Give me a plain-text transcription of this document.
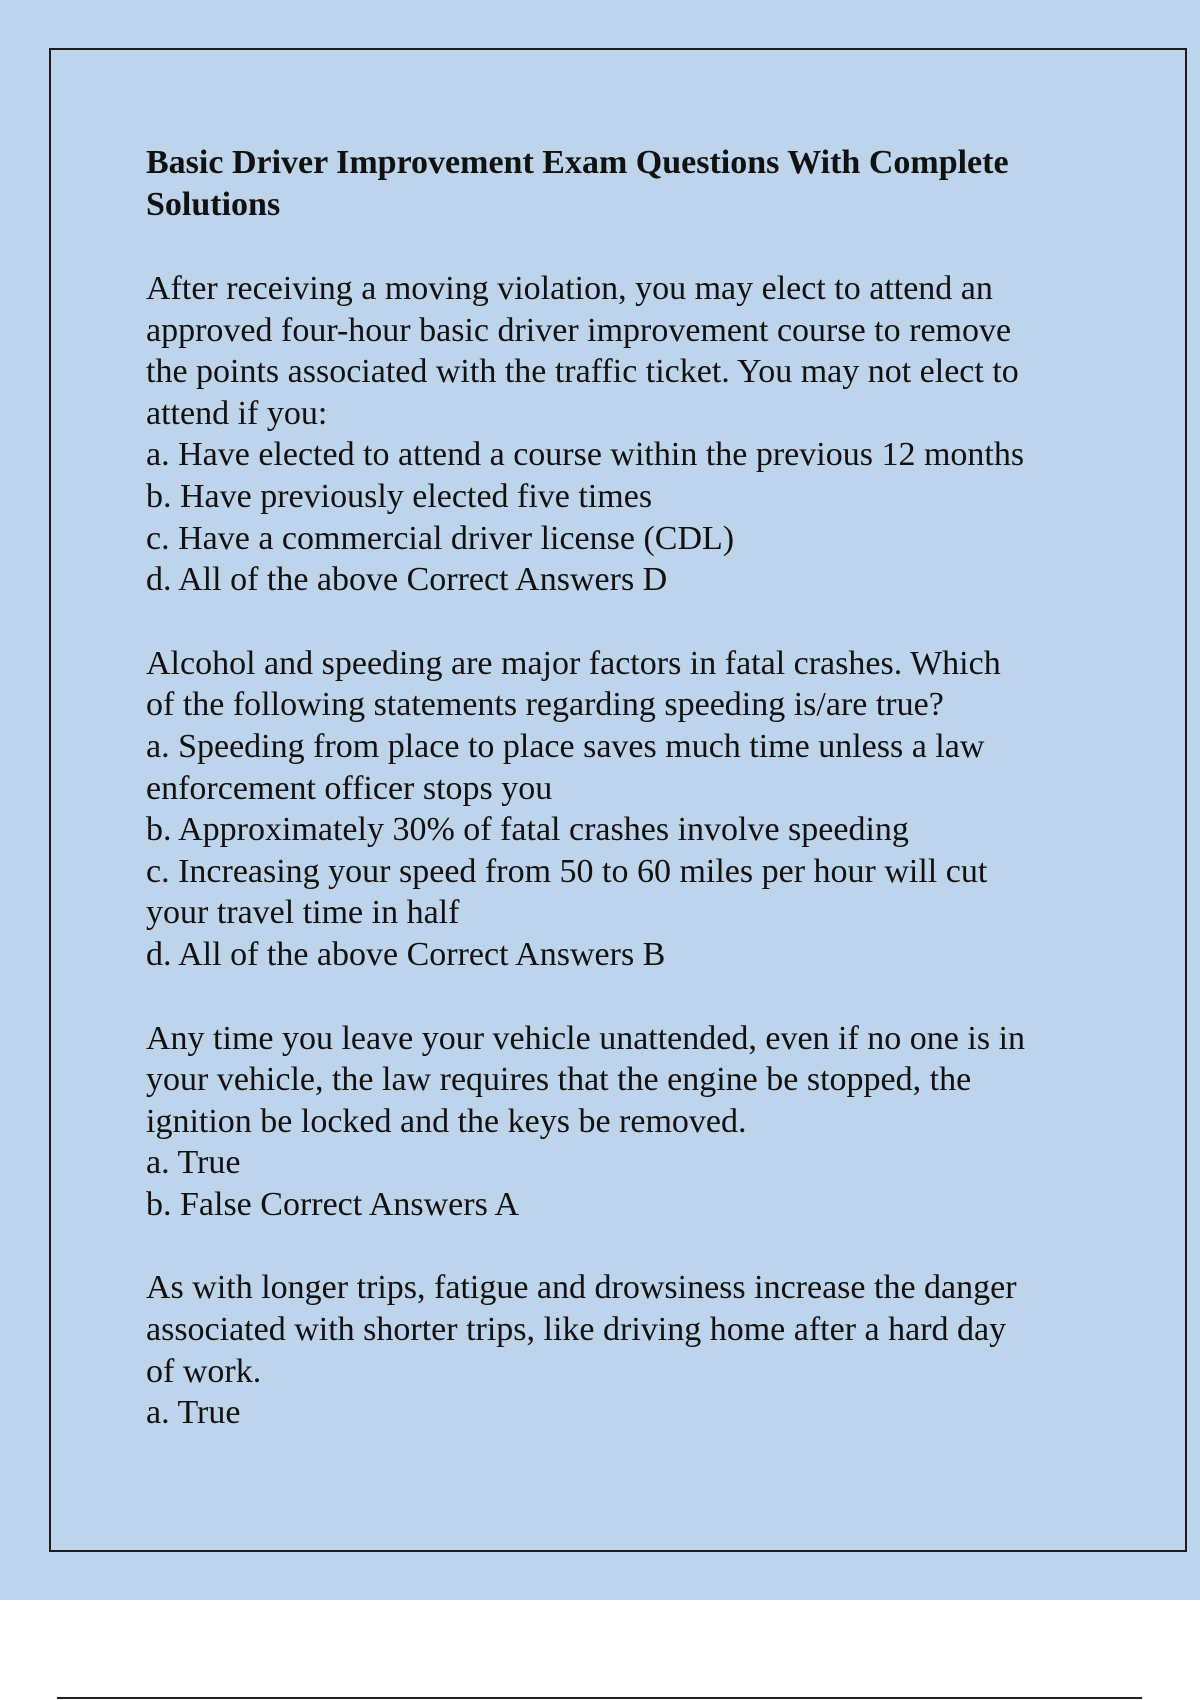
Basic Driver Improvement Exam Questions With Complete
Solutions
After receiving a moving violation, you may elect to attend an
approved four-hour basic driver improvement course to remove
the points associated with the traffic ticket. You may not elect to
attend if you:
a. Have elected to attend a course within the previous 12 months
b. Have previously elected five times
c. Have a commercial driver license (CDL)
d. All of the above Correct Answers D
Alcohol and speeding are major factors in fatal crashes. Which
of the following statements regarding speeding is/are true?
a. Speeding from place to place saves much time unless a law
enforcement officer stops you
b. Approximately 30% of fatal crashes involve speeding
c. Increasing your speed from 50 to 60 miles per hour will cut
your travel time in half
d. All of the above Correct Answers B
Any time you leave your vehicle unattended, even if no one is in
your vehicle, the law requires that the engine be stopped, the
ignition be locked and the keys be removed.
a. True
b. False Correct Answers A
As with longer trips, fatigue and drowsiness increase the danger
associated with shorter trips, like driving home after a hard day
of work.
a. True
